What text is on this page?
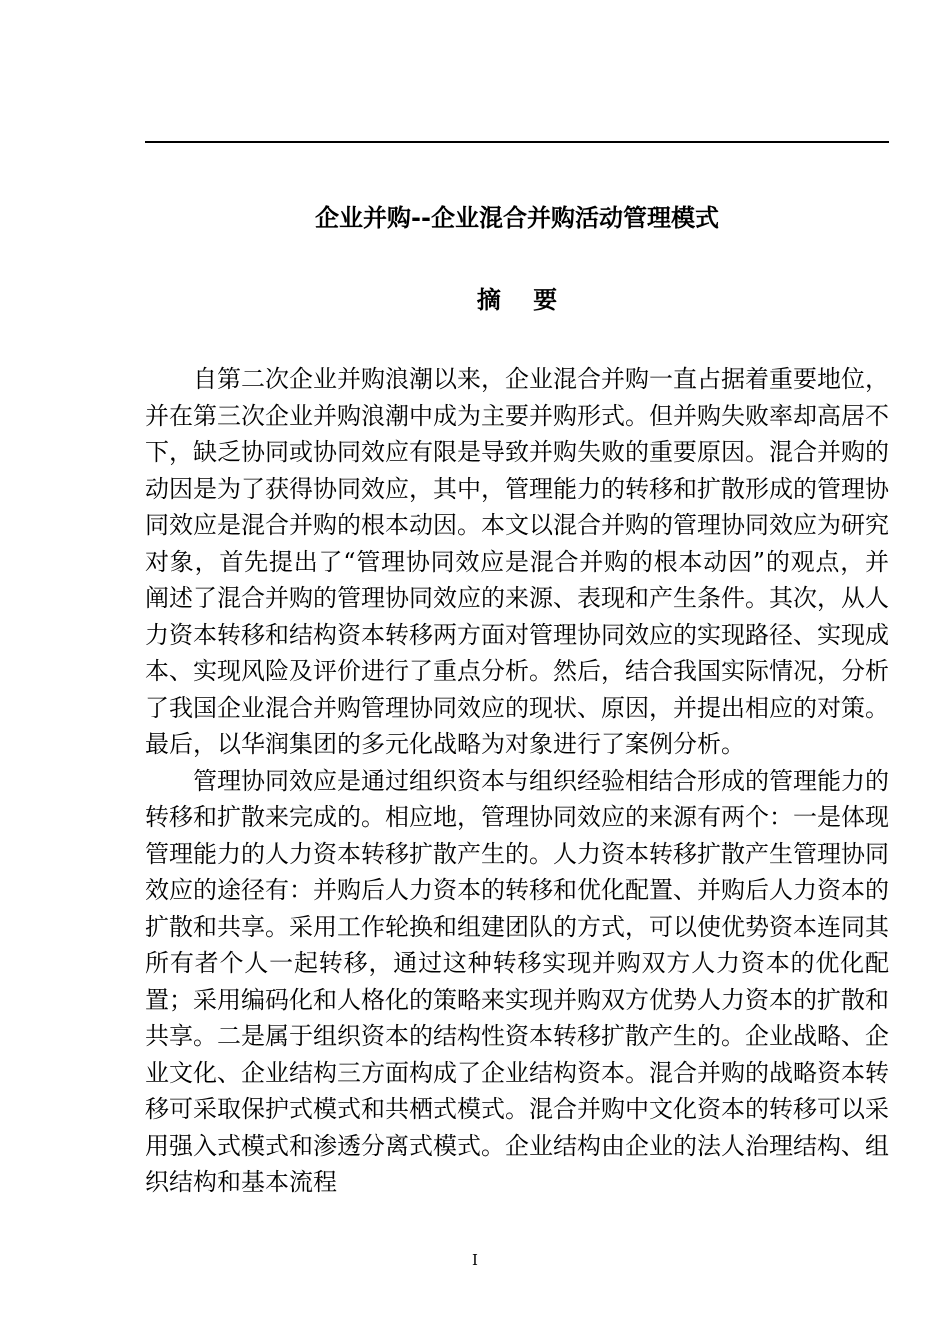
企业并购--企业混合并购活动管理模式
摘 要

自第二次企业并购浪潮以来，企业混合并购一直占据着重要地位，并在第三次企业并购浪潮中成为主要并购形式。但并购失败率却高居不下，缺乏协同或协同效应有限是导致并购失败的重要原因。混合并购的动因是为了获得协同效应，其中，管理能力的转移和扩散形成的管理协同效应是混合并购的根本动因。本文以混合并购的管理协同效应为研究对象，首先提出了“管理协同效应是混合并购的根本动因”的观点，并阐述了混合并购的管理协同效应的来源、表现和产生条件。其次，从人力资本转移和结构资本转移两方面对管理协同效应的实现路径、实现成本、实现风险及评价进行了重点分析。然后，结合我国实际情况，分析了我国企业混合并购管理协同效应的现状、原因，并提出相应的对策。最后，以华润集团的多元化战略为对象进行了案例分析。

管理协同效应是通过组织资本与组织经验相结合形成的管理能力的转移和扩散来完成的。相应地，管理协同效应的来源有两个：一是体现管理能力的人力资本转移扩散产生的。人力资本转移扩散产生管理协同效应的途径有：并购后人力资本的转移和优化配置、并购后人力资本的扩散和共享。采用工作轮换和组建团队的方式，可以使优势资本连同其所有者个人一起转移，通过这种转移实现并购双方人力资本的优化配置；采用编码化和人格化的策略来实现并购双方优势人力资本的扩散和共享。二是属于组织资本的结构性资本转移扩散产生的。企业战略、企业文化、企业结构三方面构成了企业结构资本。混合并购的战略资本转移可采取保护式模式和共栖式模式。混合并购中文化资本的转移可以采用强入式模式和渗透分离式模式。企业结构由企业的法人治理结构、组织结构和基本流程

I
